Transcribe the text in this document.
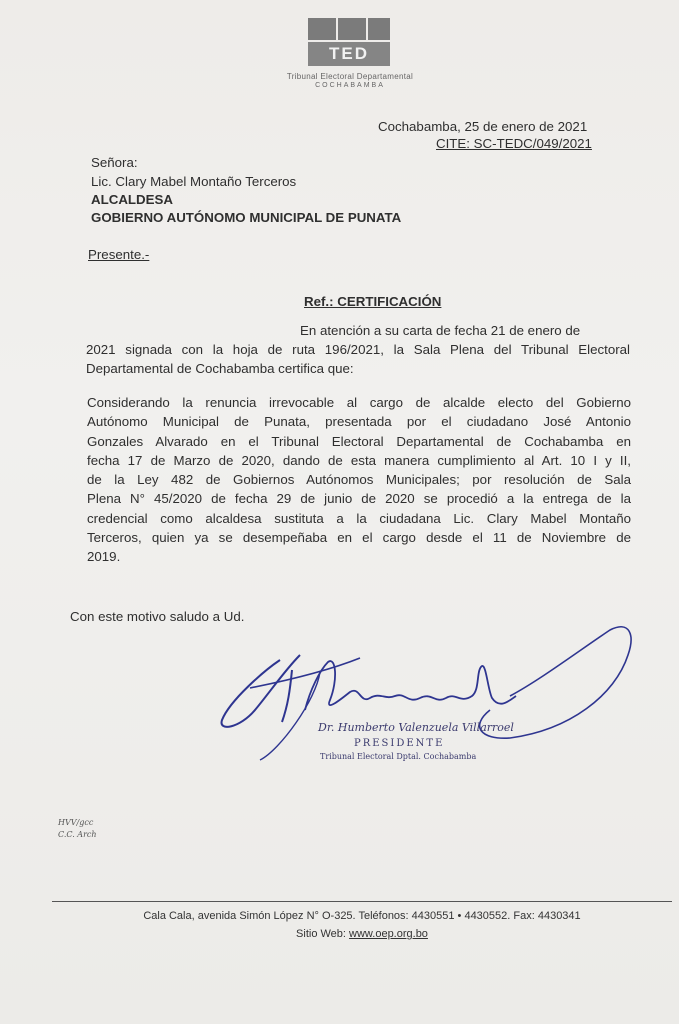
TED
Tribunal Electoral Departamental
COCHABAMBA
Cochabamba, 25 de enero de 2021
CITE: SC-TEDC/049/2021
Señora:
Lic. Clary Mabel Montaño Terceros
ALCALDESA
GOBIERNO AUTÓNOMO MUNICIPAL DE PUNATA
Presente.-
Ref.: CERTIFICACIÓN
En atención a su carta de fecha 21 de enero de
2021 signada con la hoja de ruta 196/2021, la Sala Plena del Tribunal Electoral
Departamental de Cochabamba certifica que:
Considerando la renuncia irrevocable al cargo de alcalde electo del Gobierno
Autónomo Municipal de Punata, presentada por el ciudadano José Antonio
Gonzales Alvarado en el Tribunal Electoral Departamental de Cochabamba en
fecha 17 de Marzo de 2020, dando de esta manera cumplimiento al Art. 10 I y II,
de la Ley 482 de Gobiernos Autónomos Municipales; por resolución de Sala
Plena N° 45/2020 de fecha 29 de junio de 2020 se procedió a la entrega de la
credencial como alcaldesa sustituta a la ciudadana Lic. Clary Mabel Montaño
Terceros, quien ya se desempeñaba en el cargo desde el 11 de Noviembre de
2019.
Con este motivo saludo a Ud.
Dr. Humberto Valenzuela Villarroel
PRESIDENTE
Tribunal Electoral Dptal. Cochabamba
HVV/gcc
C.C. Arch
Cala Cala, avenida Simón López N° O-325. Teléfonos: 4430551 • 4430552. Fax: 4430341
Sitio Web: www.oep.org.bo
